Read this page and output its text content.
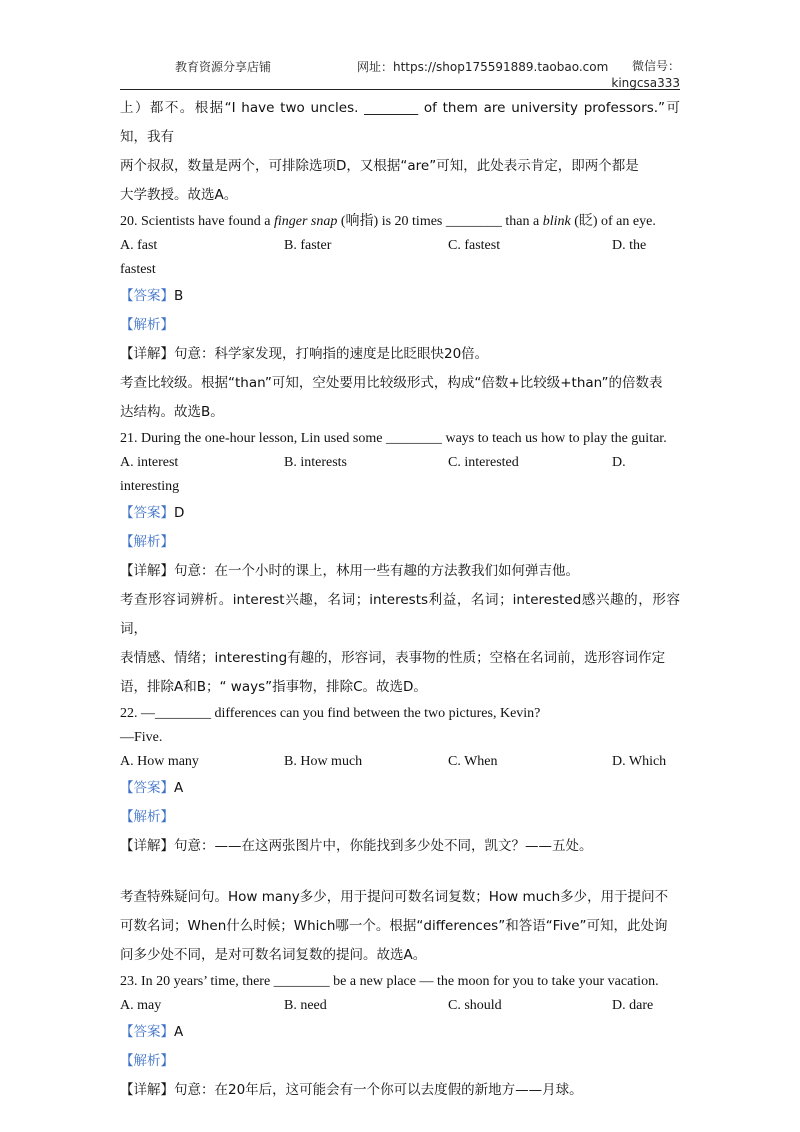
教育资源分享店铺	网址：https://shop175591889.taobao.com	微信号：
kingcsa333

上）都不。根据“I have two uncles. ________ of them are university professors.”可知，我有

两个叔叔，数量是两个，可排除选项D，又根据“are”可知，此处表示肯定，即两个都是

大学教授。故选A。

20. Scientists have found a finger snap (响指) is 20 times ________ than a blink (眨) of an eye.

A. fast	B. faster	C. fastest	D. the

fastest

【答案】B

【解析】

【详解】句意：科学家发现，打响指的速度是比眨眼快20倍。

考查比较级。根据“than”可知，空处要用比较级形式，构成“倍数+比较级+than”的倍数表

达结构。故选B。

21. During the one-hour lesson, Lin used some ________ ways to teach us how to play the guitar.

A. interest	B. interests	C. interested	D.

interesting

【答案】D

【解析】

【详解】句意：在一个小时的课上，林用一些有趣的方法教我们如何弹吉他。

考查形容词辨析。interest兴趣，名词；interests利益，名词；interested感兴趣的，形容词，

表情感、情绪；interesting有趣的，形容词，表事物的性质；空格在名词前，选形容词作定

语，排除A和B；“ ways”指事物，排除C。故选D。

22. —________ differences can you find between the two pictures, Kevin?

—Five.

A. How many	B. How much	C. When	D. Which

【答案】A

【解析】

【详解】句意：——在这两张图片中，你能找到多少处不同，凯文？——五处。

考查特殊疑问句。How many多少，用于提问可数名词复数；How much多少，用于提问不

可数名词；When什么时候；Which哪一个。根据“differences”和答语“Five”可知，此处询

问多少处不同，是对可数名词复数的提问。故选A。

23. In 20 years’ time, there ________ be a new place — the moon for you to take your vacation.

A. may	B. need	C. should	D. dare

【答案】A

【解析】

【详解】句意：在20年后，这可能会有一个你可以去度假的新地方——月球。
